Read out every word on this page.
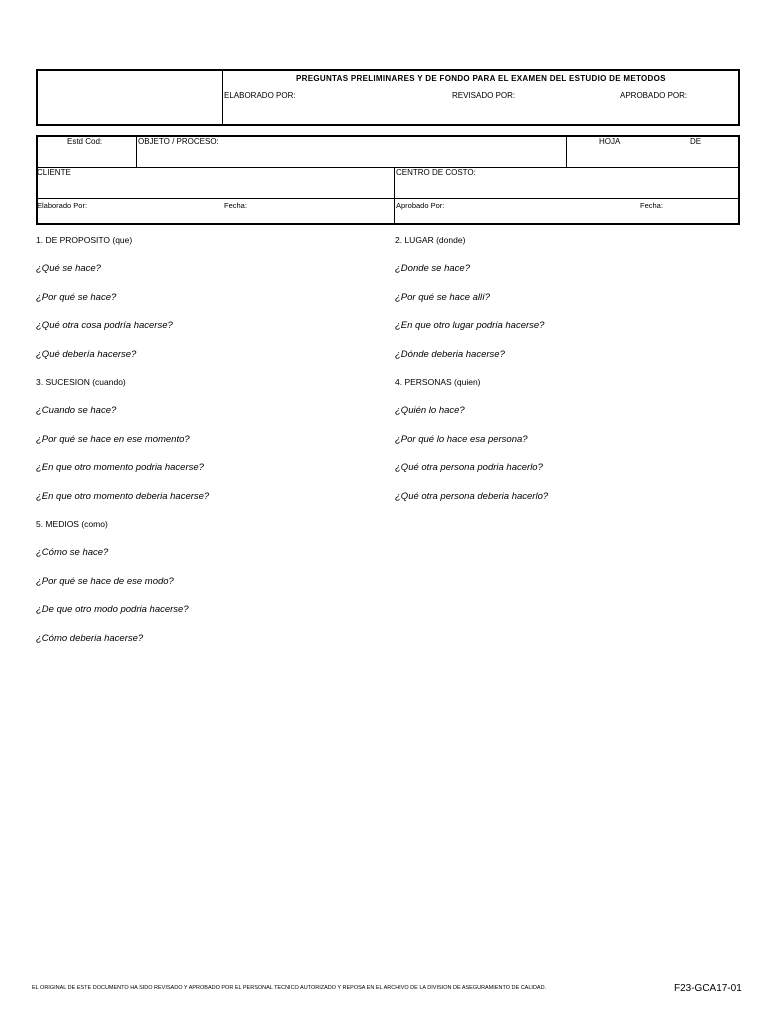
PREGUNTAS PRELIMINARES Y DE FONDO PARA EL EXAMEN DEL ESTUDIO DE METODOS
ELABORADO POR:	REVISADO POR:	APROBADO POR:
Estd Cod:	OBJETO / PROCESO:	HOJA	DE
CLIENTE	CENTRO DE COSTO:
Elaborado Por:	Fecha:	Aprobado Por:	Fecha:
1. DE PROPOSITO (que)
¿Qué se hace?
¿Por qué se hace?
¿Qué otra cosa podría hacerse?
¿Qué debería hacerse?
2. LUGAR (donde)
¿Donde se hace?
¿Por qué se hace allí?
¿En que otro lugar podria hacerse?
¿Dónde deberia hacerse?
3. SUCESION (cuando)
¿Cuando se hace?
¿Por qué se hace en ese momento?
¿En que otro momento podria hacerse?
¿En que otro momento deberia hacerse?
4. PERSONAS (quien)
¿Quién lo hace?
¿Por qué lo hace esa persona?
¿Qué otra persona podria hacerlo?
¿Qué otra persona deberia hacerlo?
5. MEDIOS (como)
¿Cómo se hace?
¿Por qué se hace de ese modo?
¿De que otro modo podria hacerse?
¿Cómo deberia hacerse?
EL ORIGINAL DE ESTE DOCUMENTO HA SIDO REVISADO Y APROBADO POR EL PERSONAL TECNICO AUTORIZADO Y REPOSA EN EL ARCHIVO DE LA DIVISION DE ASEGURAMIENTO DE CALIDAD.	F23-GCA17-01
